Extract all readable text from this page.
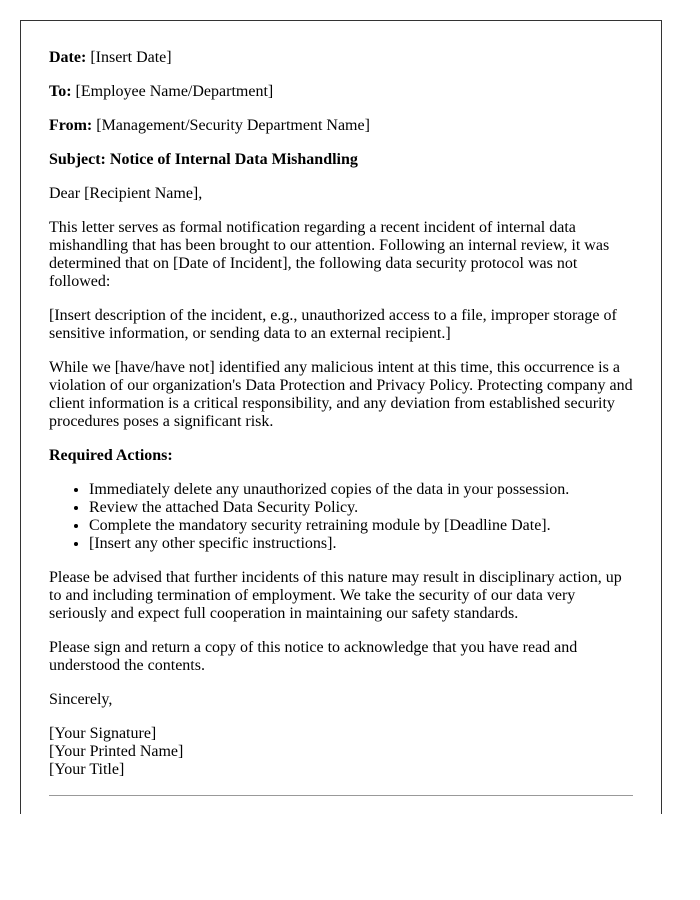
Date: [Insert Date]

To: [Employee Name/Department]

From: [Management/Security Department Name]

Subject: Notice of Internal Data Mishandling

Dear [Recipient Name],

This letter serves as formal notification regarding a recent incident of internal data mishandling that has been brought to our attention. Following an internal review, it was determined that on [Date of Incident], the following data security protocol was not followed:

[Insert description of the incident, e.g., unauthorized access to a file, improper storage of sensitive information, or sending data to an external recipient.]

While we [have/have not] identified any malicious intent at this time, this occurrence is a violation of our organization's Data Protection and Privacy Policy. Protecting company and client information is a critical responsibility, and any deviation from established security procedures poses a significant risk.

Required Actions:

• Immediately delete any unauthorized copies of the data in your possession.
• Review the attached Data Security Policy.
• Complete the mandatory security retraining module by [Deadline Date].
• [Insert any other specific instructions].

Please be advised that further incidents of this nature may result in disciplinary action, up to and including termination of employment. We take the security of our data very seriously and expect full cooperation in maintaining our safety standards.

Please sign and return a copy of this notice to acknowledge that you have read and understood the contents.

Sincerely,

[Your Signature]
[Your Printed Name]
[Your Title]
